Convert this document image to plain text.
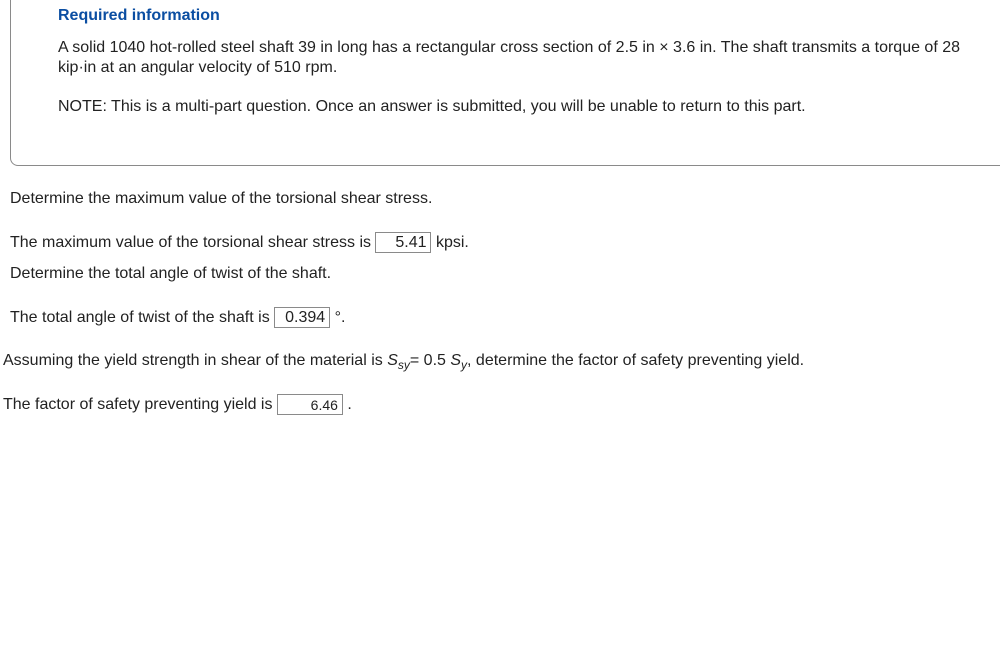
Required information

A solid 1040 hot-rolled steel shaft 39 in long has a rectangular cross section of 2.5 in × 3.6 in. The shaft transmits a torque of 28 kip·in at an angular velocity of 510 rpm.

NOTE: This is a multi-part question. Once an answer is submitted, you will be unable to return to this part.

Determine the maximum value of the torsional shear stress.

The maximum value of the torsional shear stress is 5.41 kpsi.

Determine the total angle of twist of the shaft.

The total angle of twist of the shaft is 0.394 °.

Assuming the yield strength in shear of the material is $S_{sy}= 0.5$ $S_y$, determine the factor of safety preventing yield.

The factor of safety preventing yield is	6.46 .
